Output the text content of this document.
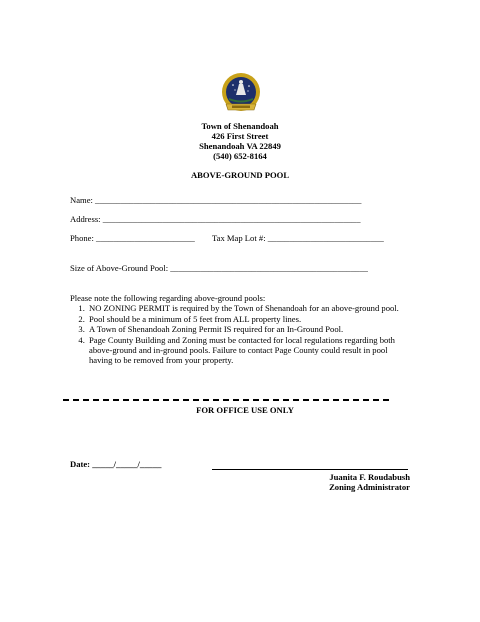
Town of Shenandoah
426 First Street
Shenandoah VA 22849
(540) 652-8164
ABOVE-GROUND POOL
Name: ______________________________________________________________
Address: ____________________________________________________________
Phone: _______________________ Tax Map Lot #: ___________________________
Size of Above-Ground Pool: ______________________________________________
Please note the following regarding above-ground pools:
1. NO ZONING PERMIT is required by the Town of Shenandoah for an above-ground pool.
2. Pool should be a minimum of 5 feet from ALL property lines.
3. A Town of Shenandoah Zoning Permit IS required for an In-Ground Pool.
4. Page County Building and Zoning must be contacted for local regulations regarding both above-ground and in-ground pools. Failure to contact Page County could result in pool having to be removed from your property.
FOR OFFICE USE ONLY
Date: _____/_____/_____
Juanita F. Roudabush
Zoning Administrator
